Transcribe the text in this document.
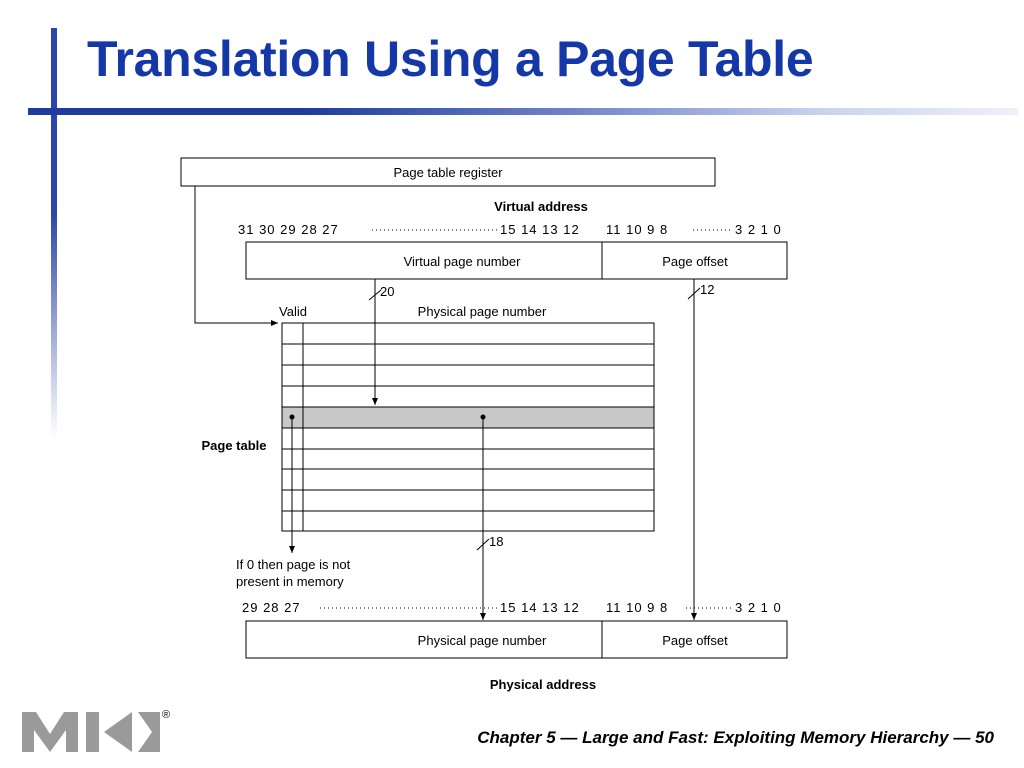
Translation Using a Page Table
Page table register
Virtual address
31 30 29 28 27	15 14 13 12 11 10 9 8	3 2 1 0
Virtual page number	Page offset
20	12
Valid	Physical page number
Page table
If 0 then page is not
present in memory
18
29 28 27	15 14 13 12 11 10 9 8	3 2 1 0
Physical page number	Page offset
Physical address
®
Chapter 5 — Large and Fast: Exploiting Memory Hierarchy — 50
